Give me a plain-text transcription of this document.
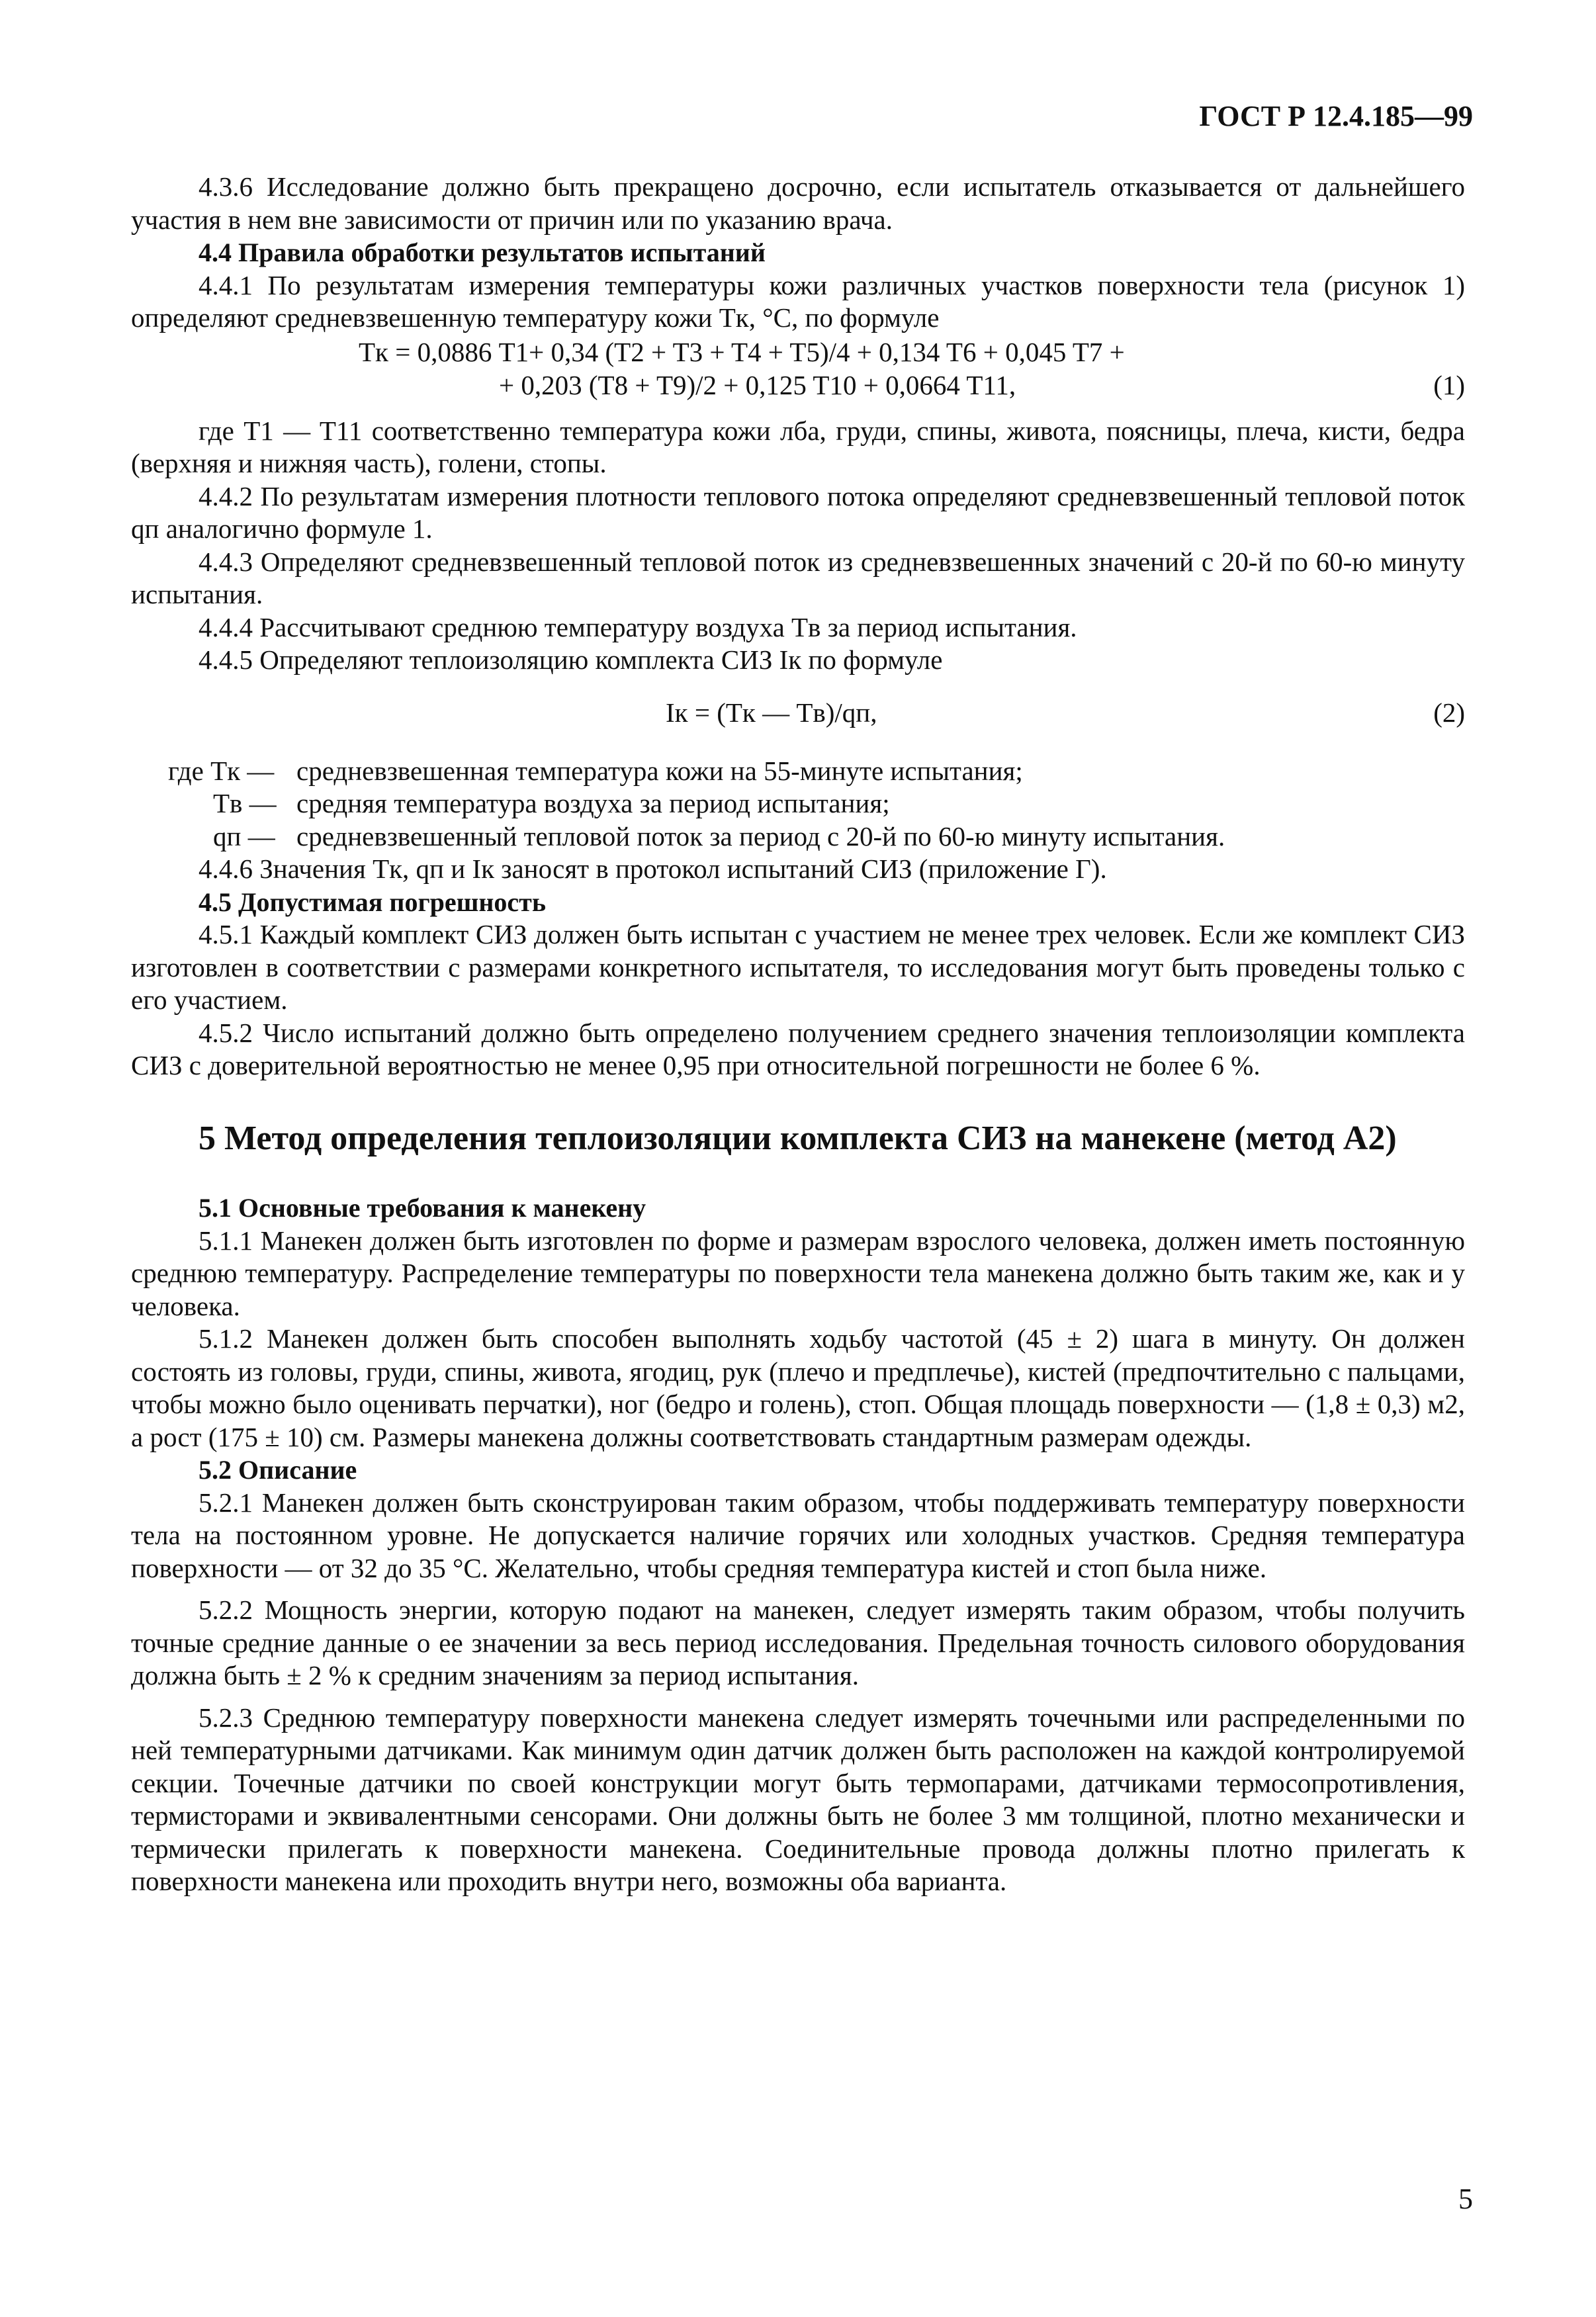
ГОСТ Р 12.4.185—99

4.3.6 Исследование должно быть прекращено досрочно, если испытатель отказывается от дальнейшего участия в нем вне зависимости от причин или по указанию врача.

4.4 Правила обработки результатов испытаний

4.4.1 По результатам измерения температуры кожи различных участков поверхности тела (рисунок 1) определяют средневзвешенную температуру кожи Tк, °С, по формуле

Tк = 0,0886 T1+ 0,34 (T2 + T3 + T4 + T5)/4 + 0,134 T6 + 0,045 T7 +
+ 0,203 (T8 + T9)/2 + 0,125 T10 + 0,0664 T11,	(1)

где T1 — T11 соответственно температура кожи лба, груди, спины, живота, поясницы, плеча, кисти, бедра (верхняя и нижняя часть), голени, стопы.

4.4.2 По результатам измерения плотности теплового потока определяют средневзвешенный тепловой поток qп аналогично формуле 1.

4.4.3 Определяют средневзвешенный тепловой поток из средневзвешенных значений с 20-й по 60-ю минуту испытания.

4.4.4 Рассчитывают среднюю температуру воздуха Tв за период испытания.

4.4.5 Определяют теплоизоляцию комплекта СИЗ Iк по формуле

Iк = (Tк — Tв)/qп,	(2)
где Tк — средневзвешенная температура кожи на 55-минуте испытания;
Tв — средняя температура воздуха за период испытания;
qп — средневзвешенный тепловой поток за период с 20-й по 60-ю минуту испытания.

4.4.6 Значения Tк, qп и Iк заносят в протокол испытаний СИЗ (приложение Г).

4.5 Допустимая погрешность

4.5.1 Каждый комплект СИЗ должен быть испытан с участием не менее трех человек. Если же комплект СИЗ изготовлен в соответствии с размерами конкретного испытателя, то исследования могут быть проведены только с его участием.

4.5.2 Число испытаний должно быть определено получением среднего значения теплоизоляции комплекта СИЗ с доверительной вероятностью не менее 0,95 при относительной погрешности не более 6 %.

5 Метод определения теплоизоляции комплекта СИЗ на манекене (метод А2)

5.1 Основные требования к манекену

5.1.1 Манекен должен быть изготовлен по форме и размерам взрослого человека, должен иметь постоянную среднюю температуру. Распределение температуры по поверхности тела манекена должно быть таким же, как и у человека.

5.1.2 Манекен должен быть способен выполнять ходьбу частотой (45 ± 2) шага в минуту. Он должен состоять из головы, груди, спины, живота, ягодиц, рук (плечо и предплечье), кистей (предпочтительно с пальцами, чтобы можно было оценивать перчатки), ног (бедро и голень), стоп. Общая площадь поверхности — (1,8 ± 0,3) м2, а рост (175 ± 10) см. Размеры манекена должны соответствовать стандартным размерам одежды.

5.2 Описание

5.2.1 Манекен должен быть сконструирован таким образом, чтобы поддерживать температуру поверхности тела на постоянном уровне. Не допускается наличие горячих или холодных участков. Средняя температура поверхности — от 32 до 35 °С. Желательно, чтобы средняя температура кистей и стоп была ниже.

5.2.2 Мощность энергии, которую подают на манекен, следует измерять таким образом, чтобы получить точные средние данные о ее значении за весь период исследования. Предельная точность силового оборудования должна быть ± 2 % к средним значениям за период испытания.

5.2.3 Среднюю температуру поверхности манекена следует измерять точечными или распределенными по ней температурными датчиками. Как минимум один датчик должен быть расположен на каждой контролируемой секции. Точечные датчики по своей конструкции могут быть термопарами, датчиками термосопротивления, термисторами и эквивалентными сенсорами. Они должны быть не более 3 мм толщиной, плотно механически и термически прилегать к поверхности манекена. Соединительные провода должны плотно прилегать к поверхности манекена или проходить внутри него, возможны оба варианта.

5
